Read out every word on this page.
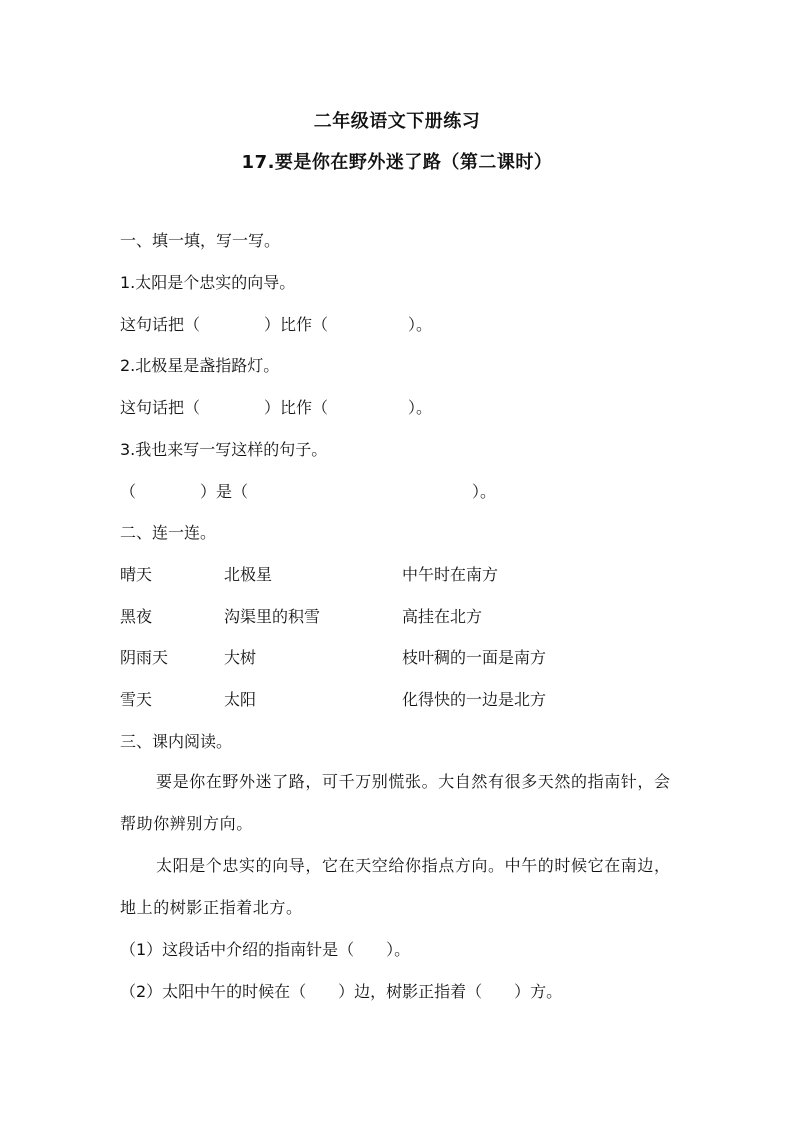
二年级语文下册练习
17.要是你在野外迷了路（第二课时）
一、填一填，写一写。
1.太阳是个忠实的向导。
这句话把（　　　　）比作（　　　　　）。
2.北极星是盏指路灯。
这句话把（　　　　）比作（　　　　　）。
3.我也来写一写这样的句子。
（　　　　）是（　　　　　　　　　　　　　　）。
二、连一连。
晴天	北极星	中午时在南方
黑夜	沟渠里的积雪	高挂在北方
阴雨天	大树	枝叶稠的一面是南方
雪天	太阳	化得快的一边是北方
三、课内阅读。
要是你在野外迷了路，可千万别慌张。大自然有很多天然的指南针，会帮助你辨别方向。
太阳是个忠实的向导，它在天空给你指点方向。中午的时候它在南边，地上的树影正指着北方。
（1）这段话中介绍的指南针是（　　）。
（2）太阳中午的时候在（　　）边，树影正指着（　　）方。
